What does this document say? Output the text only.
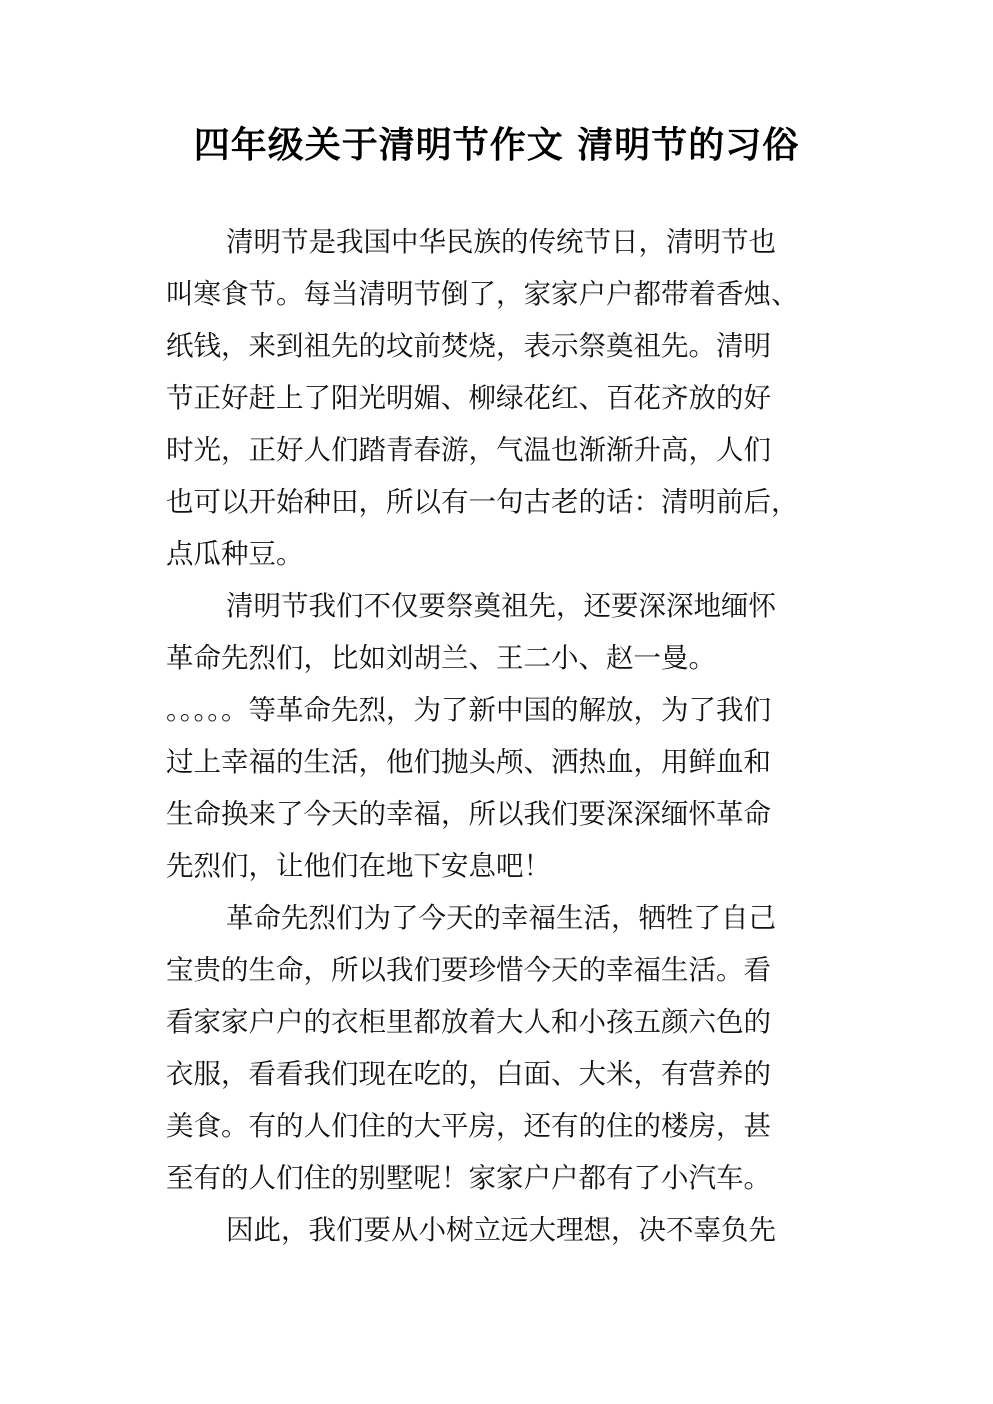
四年级关于清明节作文 清明节的习俗
清明节是我国中华民族的传统节日，清明节也
叫寒食节。每当清明节倒了，家家户户都带着香烛、
纸钱，来到祖先的坟前焚烧，表示祭奠祖先。清明
节正好赶上了阳光明媚、柳绿花红、百花齐放的好
时光，正好人们踏青春游，气温也渐渐升高，人们
也可以开始种田，所以有一句古老的话：清明前后，
点瓜种豆。
清明节我们不仅要祭奠祖先，还要深深地缅怀
革命先烈们，比如刘胡兰、王二小、赵一曼。
。。。。。等革命先烈，为了新中国的解放，为了我们
过上幸福的生活，他们抛头颅、洒热血，用鲜血和
生命换来了今天的幸福，所以我们要深深缅怀革命
先烈们，让他们在地下安息吧！
革命先烈们为了今天的幸福生活，牺牲了自己
宝贵的生命，所以我们要珍惜今天的幸福生活。看
看家家户户的衣柜里都放着大人和小孩五颜六色的
衣服，看看我们现在吃的，白面、大米，有营养的
美食。有的人们住的大平房，还有的住的楼房，甚
至有的人们住的别墅呢！家家户户都有了小汽车。
因此，我们要从小树立远大理想，决不辜负先
